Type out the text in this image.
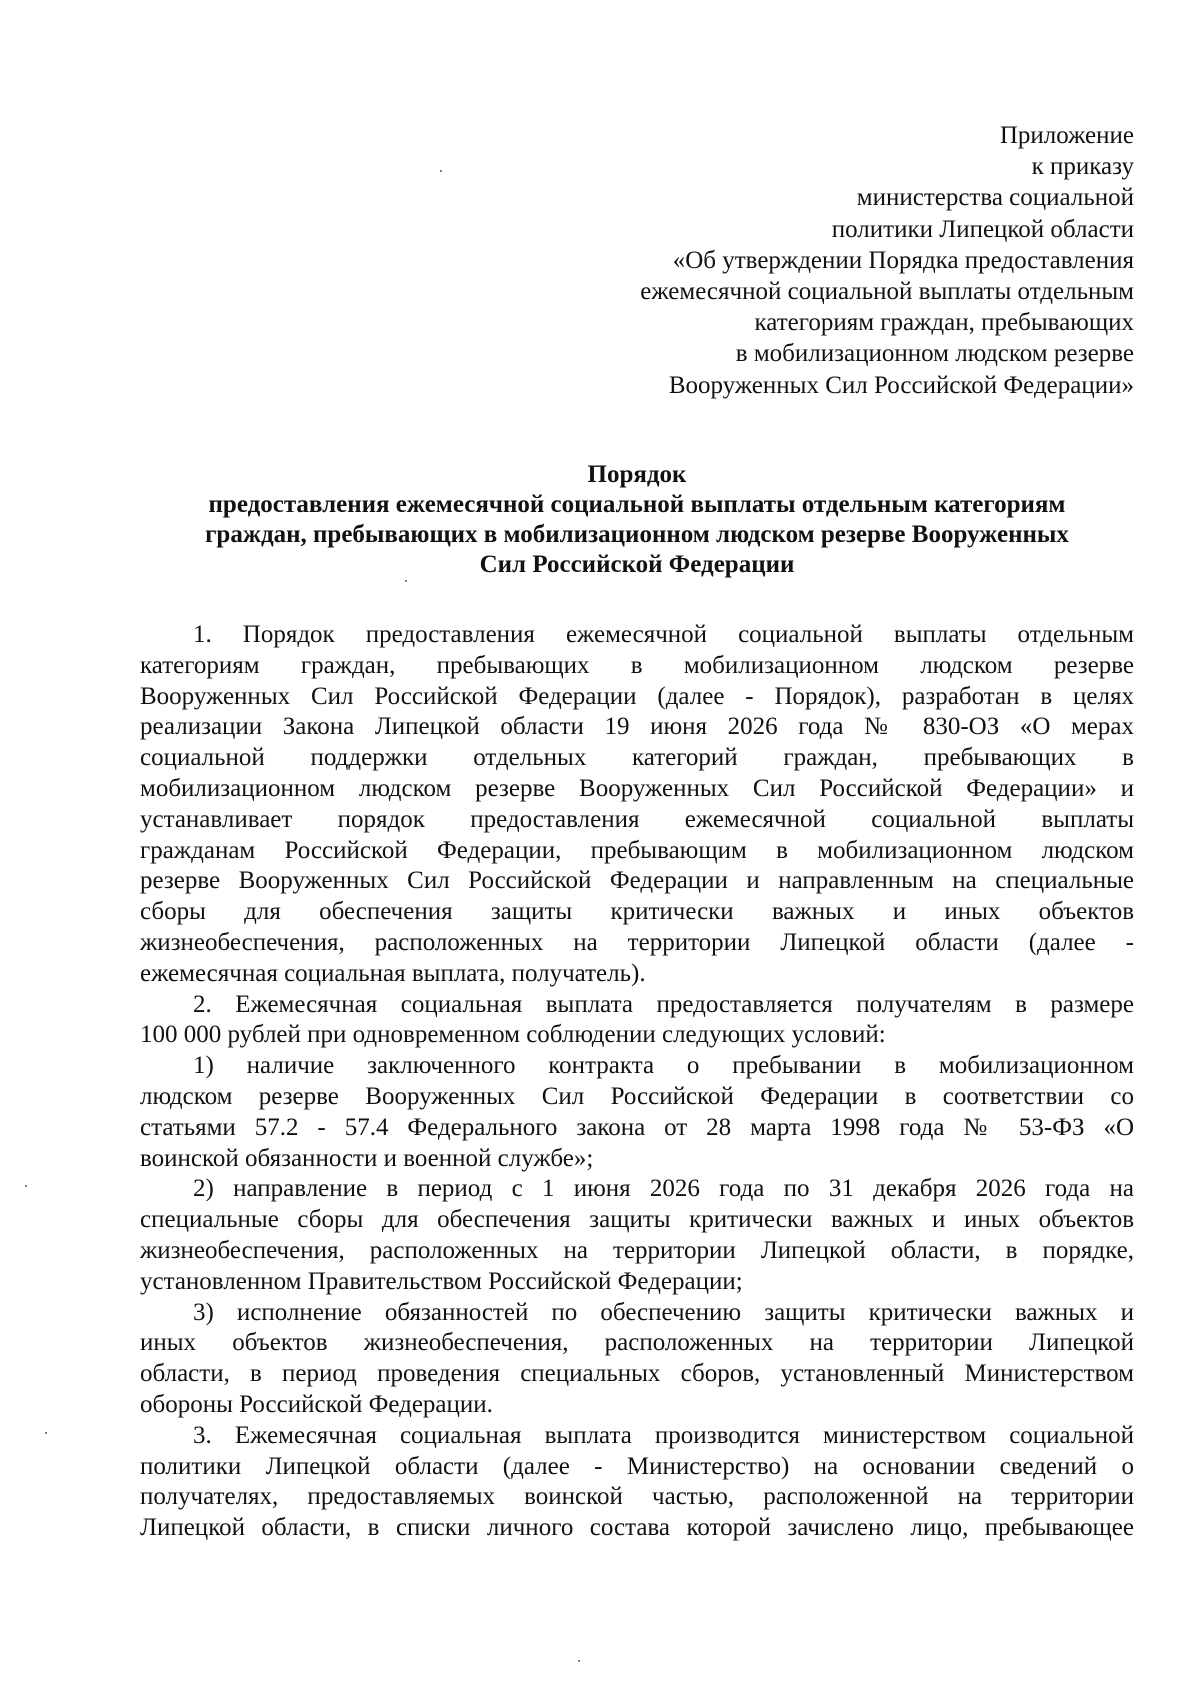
Приложение
к приказу
министерства социальной
политики Липецкой области
«Об утверждении Порядка предоставления
ежемесячной социальной выплаты отдельным
категориям граждан, пребывающих
в мобилизационном людском резерве
Вооруженных Сил Российской Федерации»
Порядок
предоставления ежемесячной социальной выплаты отдельным категориям
граждан, пребывающих в мобилизационном людском резерве Вооруженных
Сил Российской Федерации
1. Порядок предоставления ежемесячной социальной выплаты отдельным
категориям граждан, пребывающих в мобилизационном людском резерве
Вооруженных Сил Российской Федерации (далее - Порядок), разработан в целях
реализации Закона Липецкой области 19 июня 2026 года № 830-ОЗ «О мерах
социальной поддержки отдельных категорий граждан, пребывающих в
мобилизационном людском резерве Вооруженных Сил Российской Федерации» и
устанавливает порядок предоставления ежемесячной социальной выплаты
гражданам Российской Федерации, пребывающим в мобилизационном людском
резерве Вооруженных Сил Российской Федерации и направленным на специальные
сборы для обеспечения защиты критически важных и иных объектов
жизнеобеспечения, расположенных на территории Липецкой области (далее -
ежемесячная социальная выплата, получатель).
2. Ежемесячная социальная выплата предоставляется получателям в размере
100 000 рублей при одновременном соблюдении следующих условий:
1) наличие заключенного контракта о пребывании в мобилизационном
людском резерве Вооруженных Сил Российской Федерации в соответствии со
статьями 57.2 - 57.4 Федерального закона от 28 марта 1998 года № 53-ФЗ «О
воинской обязанности и военной службе»;
2) направление в период с 1 июня 2026 года по 31 декабря 2026 года на
специальные сборы для обеспечения защиты критически важных и иных объектов
жизнеобеспечения, расположенных на территории Липецкой области, в порядке,
установленном Правительством Российской Федерации;
3) исполнение обязанностей по обеспечению защиты критически важных и
иных объектов жизнеобеспечения, расположенных на территории Липецкой
области, в период проведения специальных сборов, установленный Министерством
обороны Российской Федерации.
3. Ежемесячная социальная выплата производится министерством социальной
политики Липецкой области (далее - Министерство) на основании сведений о
получателях, предоставляемых воинской частью, расположенной на территории
Липецкой области, в списки личного состава которой зачислено лицо, пребывающее
